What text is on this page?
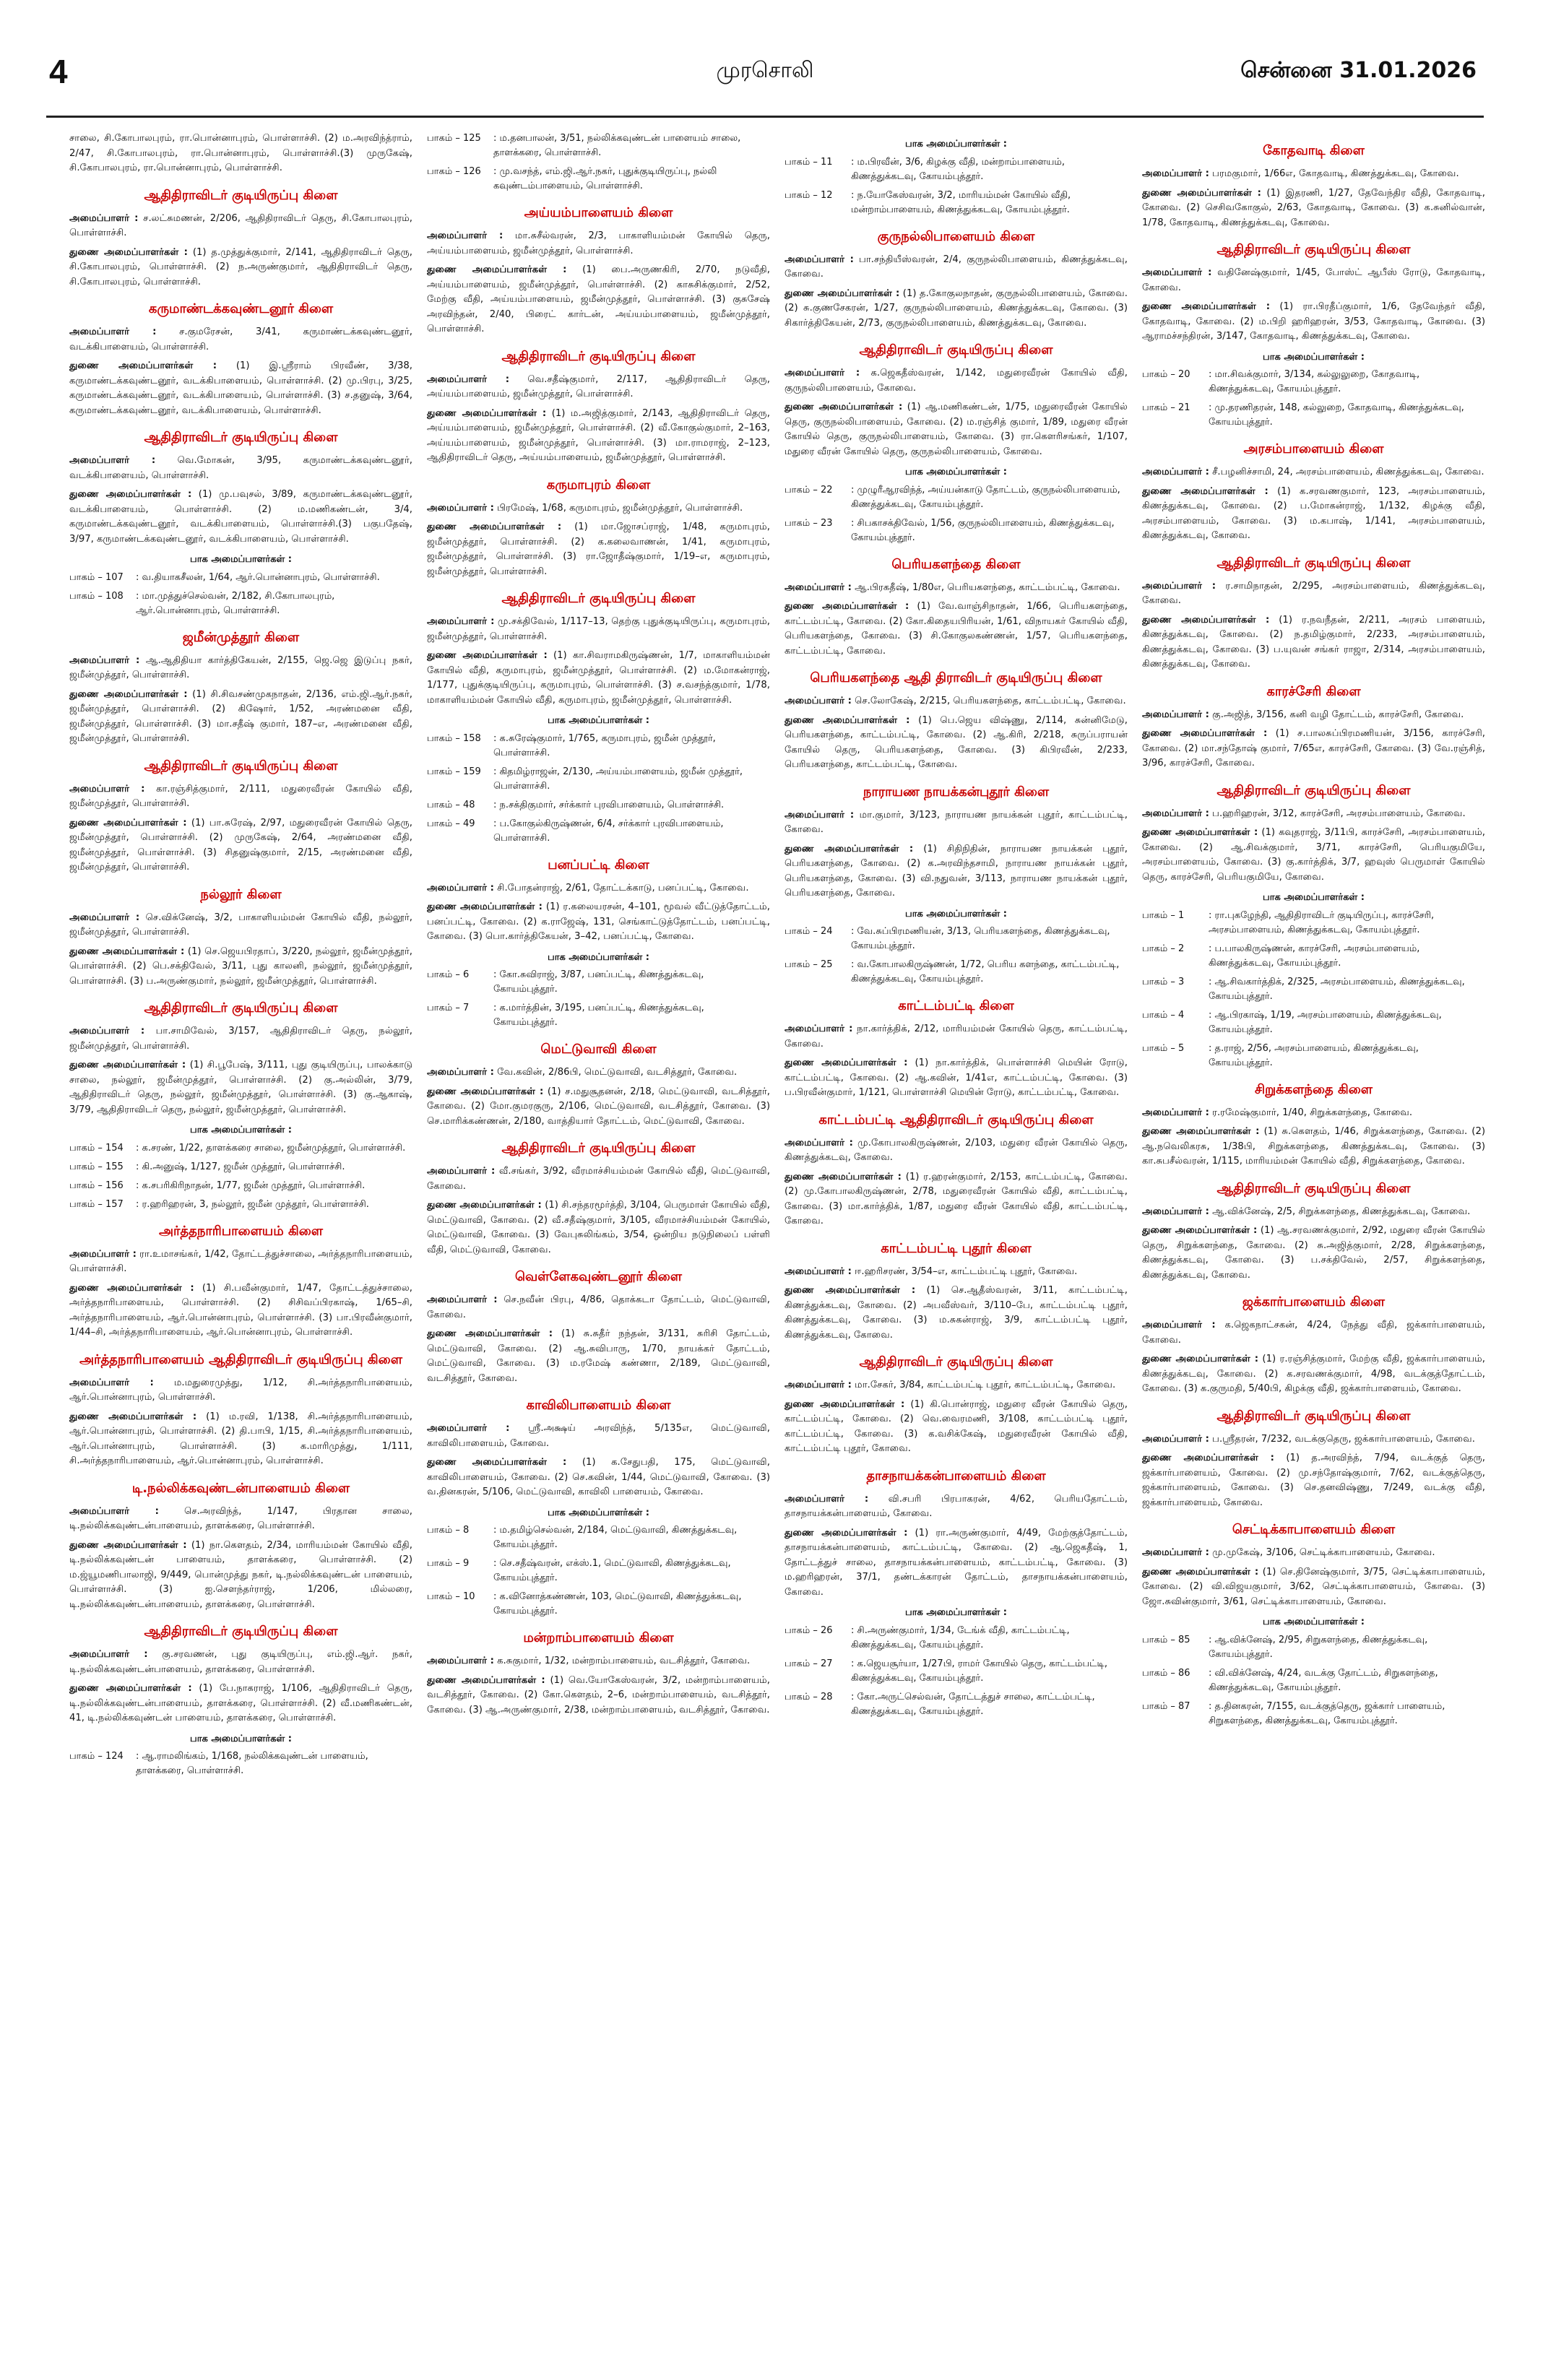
4	முரசொலி	சென்னை 31.01.2026

சாலை, சி.கோபாலபுரம், ரா.பொன்னாபுரம், பொள்ளாச்சி. (2) ம.அரவிந்த்ராம், 2/47, சி.கோபாலபுரம், ரா.பொன்னாபுரம், பொள்ளாச்சி.(3) முருகேஷ், சி.கோபாலபுரம், ரா.பொன்னாபுரம், பொள்ளாச்சி.

ஆதிதிராவிடர் குடியிருப்பு கிளை

அமைப்பாளர் : ச.லட்சுமணன், 2/206, ஆதிதிராவிடர் தெரு, சி.கோபாலபுரம், பொள்ளாச்சி.

துணை அமைப்பாளர்கள் : (1) த.முத்துக்குமார், 2/141, ஆதிதிராவிடர் தெரு, சி.கோபாலபுரம், பொள்ளாச்சி. (2) ந.அருண்குமார், ஆதிதிராவிடர் தெரு, சி.கோபாலபுரம், பொள்ளாச்சி.

கருமாண்டக்கவுண்டனூர் கிளை

அமைப்பாளர் : ச.குமரேசன், 3/41, கருமாண்டக்கவுண்டனூர், வடக்கிபாளையம், பொள்ளாச்சி.

துணை அமைப்பாளர்கள் : (1) இ.ஸ்ரீராம் பிரவீண், 3/38, கருமாண்டக்கவுண்டனூர், வடக்கிபாளையம், பொள்ளாச்சி. (2) மு.பிரபு, 3/25, கருமாண்டக்கவுண்டனூர், வடக்கிபாளையம், பொள்ளாச்சி. (3) ச.தனுஷ், 3/64, கருமாண்டக்கவுண்டனூர், வடக்கிபாளையம், பொள்ளாச்சி.

ஆதிதிராவிடர் குடியிருப்பு கிளை

அமைப்பாளர் : வெ.மோகன், 3/95, கருமாண்டக்கவுண்டனூர், வடக்கிபாளையம், பொள்ளாச்சி.

துணை அமைப்பாளர்கள் : (1) மு.பவுசல், 3/89, கருமாண்டக்கவுண்டனூர், வடக்கிபாளையம், பொள்ளாச்சி. (2) ம.மணிகண்டன், 3/4, கருமாண்டக்கவுண்டனூர், வடக்கிபாளையம், பொள்ளாச்சி.(3) பகுபதேஷ், 3/97, கருமாண்டக்கவுண்டனூர், வடக்கிபாளையம், பொள்ளாச்சி.

பாக அமைப்பாளர்கள் :
பாகம் – 107	: வ.தியாகசீலன், 1/64, ஆர்.பொன்னாபுரம், பொள்ளாச்சி.
பாகம் – 108	: மா.முத்துச்செல்வன், 2/182, சி.கோபாலபுரம், ஆர்.பொன்னாபுரம், பொள்ளாச்சி.
ஜமீன்முத்தூர் கிளை

அமைப்பாளர் : ஆ.ஆதிதியா கார்த்திகேயன், 2/155, ஜெ.ஜெ இடுப்பு நகர், ஜமீன்முத்தூர், பொள்ளாச்சி.

துணை அமைப்பாளர்கள் : (1) சி.சிவசண்முகநாதன், 2/136, எம்.ஜி.ஆர்.நகர், ஜமீன்முத்தூர், பொள்ளாச்சி. (2) கிஷோர், 1/52, அரண்மனை வீதி, ஜமீன்முத்தூர், பொள்ளாச்சி. (3) மா.சதீஷ் குமார், 187–எ, அரண்மனை வீதி, ஜமீன்முத்தூர், பொள்ளாச்சி.

ஆதிதிராவிடர் குடியிருப்பு கிளை

அமைப்பாளர் : கா.ரஞ்சித்குமார், 2/111, மதுரைவீரன் கோயில் வீதி, ஜமீன்முத்தூர், பொள்ளாச்சி.

துணை அமைப்பாளர்கள் : (1) பா.சுரேஷ், 2/97, மதுரைவீரன் கோயில் தெரு, ஜமீன்முத்தூர், பொள்ளாச்சி. (2) முருகேஷ், 2/64, அரண்மனை வீதி, ஜமீன்முத்தூர், பொள்ளாச்சி. (3) சிதனுஷ்குமார், 2/15, அரண்மனை வீதி, ஜமீன்முத்தூர், பொள்ளாச்சி.

நல்லூர் கிளை

அமைப்பாளர் : செ.விக்னேஷ், 3/2, பாகாளியம்மன் கோயில் வீதி, நல்லூர், ஜமீன்முத்தூர், பொள்ளாச்சி.

துணை அமைப்பாளர்கள் : (1) செ.ஜெயபிரதாப், 3/220, நல்லூர், ஜமீன்முத்தூர், பொள்ளாச்சி. (2) பெ.சக்திவேல், 3/11, புது காலனி, நல்லூர், ஜமீன்முத்தூர், பொள்ளாச்சி. (3) ப.அருண்குமார், நல்லூர், ஜமீன்முத்தூர், பொள்ளாச்சி.

ஆதிதிராவிடர் குடியிருப்பு கிளை

அமைப்பாளர் : பா.சாமிவேல், 3/157, ஆதிதிராவிடர் தெரு, நல்லூர், ஜமீன்முத்தூர், பொள்ளாச்சி.

துணை அமைப்பாளர்கள் : (1) சி.பூபேஷ், 3/111, புது குடியிருப்பு, பாலக்காடு சாலை, நல்லூர், ஜமீன்முத்தூர், பொள்ளாச்சி. (2) கு.அல்லின், 3/79, ஆதிதிராவிடர் தெரு, நல்லூர், ஜமீன்முத்தூர், பொள்ளாச்சி. (3) கு.ஆகாஷ், 3/79, ஆதிதிராவிடர் தெரு, நல்லூர், ஜமீன்முத்தூர், பொள்ளாச்சி.

பாக அமைப்பாளர்கள் :
பாகம் – 154	: க.சரண், 1/22, தாளக்கரை சாலை, ஜமீன்முத்தூர், பொள்ளாச்சி.
பாகம் – 155	: கி.அனுஷ், 1/127, ஜமீன் முத்தூர், பொள்ளாச்சி.
பாகம் – 156	: க.சபரிகிரிநாதன், 1/77, ஜமீன் முத்தூர், பொள்ளாச்சி.
பாகம் – 157	: ர.ஹரிஹரன், 3, நல்லூர், ஜமீன் முத்தூர், பொள்ளாச்சி.
அர்த்தநாரிபாளையம் கிளை

அமைப்பாளர் : ரா.உமாசங்கர், 1/42, தோட்டத்துச்சாலை, அர்த்தநாரிபாளையம், பொள்ளாச்சி.

துணை அமைப்பாளர்கள் : (1) சி.பவீன்குமார், 1/47, தோட்டத்துச்சாலை, அர்த்தநாரிபாளையம், பொள்ளாச்சி. (2) சிசிவப்பிரகாஷ், 1/65–சி, அர்த்தநாரிபாளையம், ஆர்.பொன்னாபுரம், பொள்ளாச்சி. (3) பா.பிரவீன்குமார், 1/44–சி, அர்த்தநாரிபாளையம், ஆர்.பொன்னாபுரம், பொள்ளாச்சி.

அர்த்தநாரிபாளையம் ஆதிதிராவிடர் குடியிருப்பு கிளை

அமைப்பாளர் : ம.மதுரைமுத்து, 1/12, சி.அர்த்தநாரிபாளையம், ஆர்.பொன்னாபுரம், பொள்ளாச்சி.

துணை அமைப்பாளர்கள் : (1) ம.ரவி, 1/138, சி.அர்த்தநாரிபாளையம், ஆர்.பொன்னாபுரம், பொள்ளாச்சி. (2) தி.பாபி, 1/15, சி.அர்த்தநாரிபாளையம், ஆர்.பொன்னாபுரம், பொள்ளாச்சி. (3) க.மாரிமுத்து, 1/111, சி.அர்த்தநாரிபாளையம், ஆர்.பொன்னாபுரம், பொள்ளாச்சி.

டி.நல்லிக்கவுண்டன்பாளையம் கிளை

அமைப்பாளர் :	செ.அரவிந்த், 1/147, பிரதான சாலை, டி.நல்லிக்கவுண்டன்பாளையம், தாளக்கரை, பொள்ளாச்சி.

துணை அமைப்பாளர்கள் : (1) நா.கௌதம், 2/34, மாரியம்மன் கோயில் வீதி, டி.நல்லிக்கவுண்டன் பாளையம், தாளக்கரை, பொள்ளாச்சி. (2) ம.ஜ்யூமணிபாலாஜி, 9/449, பொன்முத்து நகர், டி.நல்லிக்கவுண்டன் பாளையம், பொள்ளாச்சி. (3) ஐ.சௌந்தர்ராஜ், 1/206, மில்லரை, டி.நல்லிக்கவுண்டன்பாளையம், தாளக்கரை, பொள்ளாச்சி.

ஆதிதிராவிடர் குடியிருப்பு கிளை

அமைப்பாளர் : கு.சரவணன், புது குடியிருப்பு, எம்.ஜி.ஆர். நகர், டி.நல்லிக்கவுண்டன்பாளையம், தாளக்கரை, பொள்ளாச்சி.

துணை அமைப்பாளர்கள் : (1) பே.நாகராஜ், 1/106, ஆதிதிராவிடர் தெரு, டி.நல்லிக்கவுண்டன்பாளையம், தாளக்கரை, பொள்ளாச்சி. (2) வீ.மணிகண்டன், 41, டி.நல்லிக்கவுண்டன் பாளையம், தாளக்கரை, பொள்ளாச்சி.

பாக அமைப்பாளர்கள் :
பாகம் – 124	: ஆ.ராமலிங்கம், 1/168, நல்லிக்கவுண்டன் பாளையம், தாளக்கரை, பொள்ளாச்சி.
பாகம் – 125	: ம.தனபாலன், 3/51, நல்லிக்கவுண்டன் பாளையம் சாலை, தாளக்கரை, பொள்ளாச்சி.
பாகம் – 126	: மு.வசந்த், எம்.ஜி.ஆர்.நகர், புதுக்குடியிருப்பு, நல்லி கவுண்டம்பாளையம், பொள்ளாச்சி.
அய்யம்பாளையம் கிளை

அமைப்பாளர் : மா.சுசீல்வரன், 2/3, பாகாளியம்மன் கோயில் தெரு, அய்யம்பாளையம், ஜமீன்முத்தூர், பொள்ளாச்சி.

துணை அமைப்பாளர்கள் : (1) பை.அருணகிரி, 2/70, நடுவீதி, அய்யம்பாளையம், ஜமீன்முத்தூர், பொள்ளாச்சி. (2) காசுசிக்குமார், 2/52, மேற்கு வீதி, அய்யம்பாளையம், ஜமீன்முத்தூர், பொள்ளாச்சி. (3) குசுசேஷ் அரவிந்தன், 2/40, பிரைட் கார்டன், அய்யம்பாளையம், ஜமீன்முத்தூர், பொள்ளாச்சி.

ஆதிதிராவிடர் குடியிருப்பு கிளை

அமைப்பாளர் : வெ.சதீஷ்குமார், 2/117, ஆதிதிராவிடர் தெரு, அய்யம்பாளையம், ஜமீன்முத்தூர், பொள்ளாச்சி.

துணை அமைப்பாளர்கள் : (1) ம.அஜித்குமார், 2/143, ஆதிதிராவிடர் தெரு, அய்யம்பாளையம், ஜமீன்முத்தூர், பொள்ளாச்சி. (2) வீ.கோகுல்குமார், 2–163, அய்யம்பாளையம், ஜமீன்முத்தூர், பொள்ளாச்சி. (3) மா.ராமராஜ், 2–123, ஆதிதிராவிடர் தெரு, அய்யம்பாளையம், ஜமீன்முத்தூர், பொள்ளாச்சி.

கருமாபுரம் கிளை

அமைப்பாளர் : பிரமேஷ், 1/68, கருமாபுரம், ஜமீன்முத்தூர், பொள்ளாச்சி.

துணை அமைப்பாளர்கள் : (1) மா.ஜோசப்ராஜ், 1/48, கருமாபுரம், ஜமீன்முத்தூர், பொள்ளாச்சி. (2) க.கலைவாணன், 1/41, கருமாபுரம், ஜமீன்முத்தூர், பொள்ளாச்சி. (3) ரா.ஜோதீஷ்குமார், 1/19–எ, கருமாபுரம், ஜமீன்முத்தூர், பொள்ளாச்சி.

ஆதிதிராவிடர் குடியிருப்பு கிளை

அமைப்பாளர் : மு.சக்திவேல், 1/117–13, தெற்கு புதுக்குடியிருப்பு, கருமாபுரம், ஜமீன்முத்தூர், பொள்ளாச்சி.

துணை அமைப்பாளர்கள் : (1) கா.சிவராமகிருஷ்ணன், 1/7, மாகாளியம்மன் கோயில் வீதி, கருமாபுரம், ஜமீன்முத்தூர், பொள்ளாச்சி. (2) ம.மோகன்ராஜ், 1/177, புதுக்குடியிருப்பு, கருமாபுரம், பொள்ளாச்சி. (3) ச.வசந்த்குமார், 1/78, மாகாளியம்மன் கோயில் வீதி, கருமாபுரம், ஜமீன்முத்தூர், பொள்ளாச்சி.

பாக அமைப்பாளர்கள் :
பாகம் – 158	: க.சுரேஷ்குமார், 1/765, கருமாபுரம், ஜமீன் முத்தூர், பொள்ளாச்சி.
பாகம் – 159	: கிதமிழ்ராஜன், 2/130, அய்யம்பாளையம், ஜமீன் முத்தூர், பொள்ளாச்சி.
பாகம் – 48	: ந.சக்திகுமார், சர்க்கார் புரவிபாளையம், பொள்ளாச்சி.
பாகம் – 49	: ப.கோகுல்கிருஷ்ணன், 6/4, சர்க்கார் புரவிபாளையம், பொள்ளாச்சி.
பனப்பட்டி கிளை

அமைப்பாளர் : சி.போதன்ராஜ், 2/61, தோட்டக்காடு, பனப்பட்டி, கோவை.

துணை அமைப்பாளர்கள் : (1) ர.கலையரசன், 4–101, மூவல் வீட்டுத்தோட்டம், பனப்பட்டி, கோவை. (2) க.ராஜேஷ், 131, செங்காட்டுத்தோட்டம், பனப்பட்டி, கோவை. (3) பொ.கார்த்திகேயன், 3–42, பனப்பட்டி, கோவை.

பாக அமைப்பாளர்கள் :
பாகம் – 6	: கோ.சுவிராஜ், 3/87, பனப்பட்டி, கிணத்துக்கடவு, கோயம்புத்தூர்.
பாகம் – 7	: க.மார்த்தின், 3/195, பனப்பட்டி, கிணத்துக்கடவு, கோயம்புத்தூர்.
மெட்டுவாவி கிளை

அமைப்பாளர் : வே.கவின், 2/86பி, மெட்டுவாவி, வடசித்தூர், கோவை.

துணை அமைப்பாளர்கள் : (1) ச.மதுசூதனன், 2/18, மெட்டுவாவி, வடசித்தூர், கோவை. (2) மோ.குமரகுரு, 2/106, மெட்டுவாவி, வடசித்தூர், கோவை. (3) செ.மாரிக்கண்ணன், 2/180, வாத்தியார் தோட்டம், மெட்டுவாவி, கோவை.

ஆதிதிராவிடர் குடியிருப்பு கிளை

அமைப்பாளர் : வீ.சங்கர், 3/92, வீரமாச்சியம்மன் கோயில் வீதி, மெட்டுவாவி, கோவை.

துணை அமைப்பாளர்கள் : (1) சி.சந்தரமூர்த்தி, 3/104, பெருமாள் கோயில் வீதி, மெட்டுவாவி, கோவை. (2) வீ.சதீஷ்குமார், 3/105, வீரமாச்சியம்மன் கோயில், மெட்டுவாவி, கோவை. (3) வேபுசுலிங்கம், 3/54, ஒன்றிய நடுநிலைப் பள்ளி வீதி, மெட்டுவாவி, கோவை.

வெள்ளேகவுண்டனூர் கிளை

அமைப்பாளர் : செ.நவீன் பிரபு, 4/86, தொக்கடா தோட்டம், மெட்டுவாவி, கோவை.

துணை அமைப்பாளர்கள் : (1) சு.சுதீர் நந்தன், 3/131, சுரிசி தோட்டம், மெட்டுவாவி, கோவை. (2) ஆ.சுவிபாரு, 1/70, நாயக்கர் தோட்டம், மெட்டுவாவி, கோவை. (3) ம.ரமேஷ் கண்ணா, 2/189, மெட்டுவாவி, வடசித்தூர், கோவை.

காவிலிபாளையம் கிளை

அமைப்பாளர் : ஸ்ரீ.அக்ஷய் அரவிந்த், 5/135எ, மெட்டுவாவி, காவிலிபாளையம், கோவை.

துணை அமைப்பாளர்கள் : (1) க.சேதுபதி, 175, மெட்டுவாவி, காவிலிபாளையம், கோவை. (2) செ.கவின், 1/44, மெட்டுவாவி, கோவை. (3) வ.தினகரன், 5/106, மெட்டுவாவி, காவிலி பாளையம், கோவை.

பாக அமைப்பாளர்கள் :
பாகம் – 8	: ம.தமிழ்செல்வன், 2/184, மெட்டுவாவி, கிணத்துக்கடவு, கோயம்புத்தூர்.
பாகம் – 9	: செ.சதீஷ்வரன், எக்ஸ்.1, மெட்டுவாவி, கிணத்துக்கடவு, கோயம்புத்தூர்.
பாகம் – 10	: க.வினோத்கண்ணன், 103, மெட்டுவாவி, கிணத்துக்கடவு, கோயம்புத்தூர்.
மன்றாம்பாளையம் கிளை

அமைப்பாளர் : க.சுகுமார், 1/32, மன்றாம்பாளையம், வடசித்தூர், கோவை.

துணை அமைப்பாளர்கள் : (1) வெ.யோகேஸ்வரன், 3/2, மன்றாம்பாளையம், வடசித்தூர், கோவை. (2) கோ.கௌதம், 2–6, மன்றாம்பாளையம், வடசித்தூர், கோவை. (3) ஆ.அருண்குமார், 2/38, மன்றாம்பாளையம், வடசித்தூர், கோவை.

பாக அமைப்பாளர்கள் :
பாகம் – 11	: ம.பிரவீன், 3/6, கிழக்கு வீதி, மன்றாம்பாளையம், கிணத்துக்கடவு, கோயம்புத்தூர்.
பாகம் – 12	: ந.யோகேஸ்வரன், 3/2, மாரியம்மன் கோயில் வீதி, மன்றாம்பாளையம், கிணத்துக்கடவு, கோயம்புத்தூர்.
குருநல்லிபாளையம் கிளை

அமைப்பாளர் : பா.சந்தியீஸ்வரன், 2/4, குருநல்லிபாளையம், கிணத்துக்கடவு, கோவை.

துணை அமைப்பாளர்கள் : (1) த.கோகுலநாதன், குருநல்லிபாளையம், கோவை. (2) சு.குணசேகரன், 1/27, குருநல்லிபாளையம், கிணத்துக்கடவு, கோவை. (3) சிகார்த்திகேயன், 2/73, குருநல்லிபாளையம், கிணத்துக்கடவு, கோவை.

ஆதிதிராவிடர் குடியிருப்பு கிளை

அமைப்பாளர் : க.ஜெகதீஸ்வரன், 1/142, மதுரைவீரன் கோயில் வீதி, குருநல்லிபாளையம், கோவை.

துணை அமைப்பாளர்கள் : (1) ஆ.மணிகண்டன், 1/75, மதுரைவீரன் கோயில் தெரு, குருநல்லிபாளையம், கோவை. (2) ம.ரஞ்சித் குமார், 1/89, மதுரை வீரன் கோயில் தெரு, குருநல்லிபாளையம், கோவை. (3) ரா.கௌரிசங்கர், 1/107, மதுரை வீரன் கோயில் தெரு, குருநல்லிபாளையம், கோவை.

பாக அமைப்பாளர்கள் :
பாகம் – 22	: முழுரீஆரவிந்த், அய்யன்காடு தோட்டம், குருநல்லிபாளையம், கிணத்துக்கடவு, கோயம்புத்தூர்.
பாகம் – 23	: சிபகாசக்திவேல், 1/56, குருநல்லிபாளையம், கிணத்துக்கடவு, கோயம்புத்தூர்.
பெரியகளந்தை கிளை

அமைப்பாளர் : ஆ.பிரகதீஷ், 1/80எ, பெரியகளந்தை, காட்டம்பட்டி, கோவை.

துணை அமைப்பாளர்கள் : (1) வே.வாஞ்சிநாதன், 1/66, பெரியகளந்தை, காட்டம்பட்டி, கோவை. (2) கோ.கிதையபிரியன், 1/61, விநாயகர் கோயில் வீதி, பெரியகளந்தை, கோவை. (3) சி.கோகுலகண்ணன், 1/57, பெரியகளந்தை, காட்டம்பட்டி, கோவை.

பெரியகளந்தை ஆதி திராவிடர் குடியிருப்பு கிளை

அமைப்பாளர் : செ.லோகேஷ், 2/215, பெரியகளந்தை, காட்டம்பட்டி, கோவை.

துணை அமைப்பாளர்கள் : (1) பெ.ஜெய விஷ்ணு, 2/114, சுன்னிமேடு, பெரியகளந்தை, காட்டம்பட்டி, கோவை. (2) ஆ.கிரி, 2/218, சுருப்பராயன் கோயில் தெரு, பெரியகளந்தை, கோவை. (3) கிபிரவீன், 2/233, பெரியகளந்தை, காட்டம்பட்டி, கோவை.

நாராயண நாயக்கன்புதூர் கிளை

அமைப்பாளர் : மா.குமார், 3/123, நாராயண நாயக்கன் புதூர், காட்டம்பட்டி, கோவை.

துணை அமைப்பாளர்கள் : (1) சிதிநிதின், நாராயண நாயக்கன் புதூர், பெரியகளந்தை, கோவை. (2) க.அரவிந்தசாமி, நாராயண நாயக்கன் புதூர், பெரியகளந்தை, கோவை. (3) வி.நதுவன், 3/113, நாராயண நாயக்கன் புதூர், பெரியகளந்தை, கோவை.

பாக அமைப்பாளர்கள் :
பாகம் – 24	: வே.சுப்பிரமணியன், 3/13, பெரியகளந்தை, கிணத்துக்கடவு, கோயம்புத்தூர்.
பாகம் – 25	: வ.கோபாலகிருஷ்ணன், 1/72, பெரிய களந்தை, காட்டம்பட்டி, கிணத்துக்கடவு, கோயம்புத்தூர்.
காட்டம்பட்டி கிளை

அமைப்பாளர் : நா.கார்த்திக், 2/12, மாரியம்மன் கோயில் தெரு, காட்டம்பட்டி, கோவை.

துணை அமைப்பாளர்கள் : (1) நா.கார்த்திக், பொள்ளாச்சி மெயின் ரோடு, காட்டம்பட்டி, கோவை. (2) ஆ.கவின், 1/41எ, காட்டம்பட்டி, கோவை. (3) ப.பிரவீன்குமார், 1/121, பொள்ளாச்சி மெயின் ரோடு, காட்டம்பட்டி, கோவை.

காட்டம்பட்டி ஆதிதிராவிடர் குடியிருப்பு கிளை

அமைப்பாளர் : மு.கோபாலகிருஷ்ணன், 2/103, மதுரை வீரன் கோயில் தெரு, கிணத்துக்கடவு, கோவை.

துணை அமைப்பாளர்கள் : (1) ர.ஹரன்குமார், 2/153, காட்டம்பட்டி, கோவை. (2) மு.கோபாலகிருஷ்ணன், 2/78, மதுரைவீரன் கோயில் வீதி, காட்டம்பட்டி, கோவை. (3) மா.கார்த்திக், 1/87, மதுரை வீரன் கோயில் வீதி, காட்டம்பட்டி, கோவை.

காட்டம்பட்டி புதூர் கிளை

அமைப்பாளர் : ஈ.ஹரிசரண், 3/54–எ, காட்டம்பட்டி புதூர், கோவை.

துணை அமைப்பாளர்கள் : (1) செ.ஆதீஸ்வரன், 3/11, காட்டம்பட்டி, கிணத்துக்கடவு, கோவை. (2) அபவீஸ்வர், 3/110–பே, காட்டம்பட்டி புதூர், கிணத்துக்கடவு, கோவை. (3) ம.சுகன்ராஜ், 3/9, காட்டம்பட்டி புதூர், கிணத்துக்கடவு, கோவை.

ஆதிதிராவிடர் குடியிருப்பு கிளை

அமைப்பாளர் : மா.சேகர், 3/84, காட்டம்பட்டி புதூர், காட்டம்பட்டி, கோவை.

துணை அமைப்பாளர்கள் : (1) கி.பொன்ராஜ், மதுரை வீரன் கோயில் தெரு, காட்டம்பட்டி, கோவை. (2) வெ.வைரமணி, 3/108, காட்டம்பட்டி புதூர், காட்டம்பட்டி, கோவை. (3) க.வசிக்கேஷ், மதுரைவீரன் கோயில் வீதி, காட்டம்பட்டி புதூர், கோவை.

தாசநாயக்கன்பாளையம் கிளை

அமைப்பாளர் : வி.சபரி பிரபாகரன், 4/62, பெரியதோட்டம், தாசநாயக்கன்பாளையம், கோவை.

துணை அமைப்பாளர்கள் : (1) ரா.அருண்குமார், 4/49, மேற்குத்தோட்டம், தாசநாயக்கன்பாளையம், காட்டம்பட்டி, கோவை. (2) ஆ.ஜெகதீஷ், 1, தோட்டத்துச் சாலை, தாசநாயக்கன்பாளையம், காட்டம்பட்டி, கோவை. (3) ம.ஹரிஹரன், 37/1, தண்டக்காரன் தோட்டம், தாசநாயக்கன்பாளையம், கோவை.

பாக அமைப்பாளர்கள் :
பாகம் – 26	: சி.அருண்குமார், 1/34, டேங்க் வீதி, காட்டம்பட்டி, கிணத்துக்கடவு, கோயம்புத்தூர்.
பாகம் – 27	: க.ஜெயசூர்யா, 1/27பி, ராமர் கோயில் தெரு, காட்டம்பட்டி, கிணத்துக்கடவு, கோயம்புத்தூர்.
பாகம் – 28	: கோ.அருட்செல்வன், தோட்டத்துச் சாலை, காட்டம்பட்டி, கிணத்துக்கடவு, கோயம்புத்தூர்.
கோதவாடி கிளை

அமைப்பாளர் : பரமகுமார், 1/66எ, கோதவாடி, கிணத்துக்கடவு, கோவை.

துணை அமைப்பாளர்கள் : (1) இதரணி, 1/27, தேவேந்திர வீதி, கோதவாடி, கோவை. (2) செசிவகோகுல், 2/63, கோதவாடி, கோவை. (3) க.சுனில்வான், 1/78, கோதவாடி, கிணத்துக்கடவு, கோவை.

ஆதிதிராவிடர் குடியிருப்பு கிளை

அமைப்பாளர் : வதினேஷ்குமார், 1/45, போஸ்ட் ஆபீஸ் ரோடு, கோதவாடி, கோவை.

துணை அமைப்பாளர்கள் : (1) ரா.பிரதீப்குமார், 1/6, தேவேந்தர் வீதி, கோதவாடி, கோவை. (2) ம.பிறி ஹரிஹரன், 3/53, கோதவாடி, கோவை. (3) ஆராமச்சந்திரன், 3/147, கோதவாடி, கிணத்துக்கடவு, கோவை.

பாக அமைப்பாளர்கள் :
பாகம் – 20	: மா.சிவக்குமார், 3/134, கல்லுலுறை, கோதவாடி, கிணத்துக்கடவு, கோயம்புத்தூர்.
பாகம் – 21	: மு.தரணிதரன், 148, கல்லுறை, கோதவாடி, கிணத்துக்கடவு, கோயம்புத்தூர்.
அரசம்பாளையம் கிளை

அமைப்பாளர் : சீ.பழனிச்சாமி, 24, அரசம்பாளையம், கிணத்துக்கடவு, கோவை.

துணை அமைப்பாளர்கள் : (1) க.சரவணகுமார், 123, அரசம்பாளையம், கிணத்துக்கடவு, கோவை. (2) ப.மோகன்ராஜ், 1/132, கிழக்கு வீதி, அரசம்பாளையம், கோவை. (3) ம.கபாஷ், 1/141, அரசம்பாளையம், கிணத்துக்கடவு, கோவை.

ஆதிதிராவிடர் குடியிருப்பு கிளை

அமைப்பாளர் : ர.சாமிநாதன், 2/295, அரசம்பாளையம், கிணத்துக்கடவு, கோவை.

துணை அமைப்பாளர்கள் : (1) ர.நவநீதன், 2/211, அரசம் பாளையம், கிணத்துக்கடவு, கோவை. (2) ந.தமிழ்குமார், 2/233, அரசம்பாளையம், கிணத்துக்கடவு, கோவை. (3) ப.யுவன் சங்கர் ராஜா, 2/314, அரசம்பாளையம், கிணத்துக்கடவு, கோவை.

காரச்சேரி கிளை

அமைப்பாளர் : கு.அஜித், 3/156, கனி வழி தோட்டம், காரச்சேரி, கோவை.

துணை அமைப்பாளர்கள் : (1) ச.பாலசுப்பிரமணியன், 3/156, காரச்சேரி, கோவை. (2) மா.சந்தோஷ் குமார், 7/65எ, காரச்சேரி, கோவை. (3) வே.ரஞ்சித், 3/96, காரச்சேரி, கோவை.

ஆதிதிராவிடர் குடியிருப்பு கிளை

அமைப்பாளர் : ப.ஹரிஹரன், 3/12, காரச்சேரி, அரசம்பாளையம், கோவை.

துணை அமைப்பாளர்கள் : (1) கவுதராஜ், 3/11பி, காரச்சேரி, அரசம்பாளையம், கோவை. (2) ஆ.சிவக்குமார், 3/71, காரச்சேரி, பெரியகுமியே, அரசம்பாளையம், கோவை. (3) கு.கார்த்திக், 3/7, ஹவுஸ் பெருமாள் கோயில் தெரு, காரச்சேரி, பெரியகுமியே, கோவை.

பாக அமைப்பாளர்கள் :
பாகம் – 1	: ரா.புகழேந்தி, ஆதிதிராவிடர் குடியிருப்பு, காரச்சேரி, அரசம்பாளையம், கிணத்துக்கடவு, கோயம்புத்தூர்.
பாகம் – 2	: ப.பாலகிருஷ்ணன், காரச்சேரி, அரசம்பாளையம், கிணத்துக்கடவு, கோயம்புத்தூர்.
பாகம் – 3	: ஆ.சிவகார்த்திக், 2/325, அரசம்பாளையம், கிணத்துக்கடவு, கோயம்புத்தூர்.
பாகம் – 4	: ஆ.பிரகாஷ், 1/19, அரசம்பாளையம், கிணத்துக்கடவு, கோயம்புத்தூர்.
பாகம் – 5	: த.ராஜ், 2/56, அரசம்பாளையம், கிணத்துக்கடவு, கோயம்புத்தூர்.
சிறுக்களந்தை கிளை

அமைப்பாளர் : ர.ரமேஷ்குமார், 1/40, சிறுக்களந்தை, கோவை.

துணை அமைப்பாளர்கள் : (1) சு.கௌதம், 1/46, சிறுக்களந்தை, கோவை. (2) ஆ.நவெலிகரசு, 1/38பி, சிறுக்களந்தை, கிணத்துக்கடவு, கோவை. (3) கா.சுபசீல்வரன், 1/115, மாரியம்மன் கோயில் வீதி, சிறுக்களந்தை, கோவை.

ஆதிதிராவிடர் குடியிருப்பு கிளை

அமைப்பாளர் : ஆ.விக்னேஷ், 2/5, சிறுக்களந்தை, கிணத்துக்கடவு, கோவை.

துணை அமைப்பாளர்கள் : (1) ஆ.சரவணக்குமார், 2/92, மதுரை வீரன் கோயில் தெரு, சிறுக்களந்தை, கோவை. (2) சு.அஜித்குமார், 2/28, சிறுக்களந்தை, கிணத்துக்கடவு, கோவை. (3) ப.சக்திவேல், 2/57, சிறுக்களந்தை, கிணத்துக்கடவு, கோவை.

ஜக்கார்பாளையம் கிளை

அமைப்பாளர் : க.ஜெகநாட்சகன், 4/24, நேத்து வீதி, ஜக்கார்பாளையம், கோவை.

துணை அமைப்பாளர்கள் : (1) ர.ரஞ்சித்குமார், மேற்கு வீதி, ஜக்கார்பாளையம், கிணத்துக்கடவு, கோவை. (2) க.சரவணக்குமார், 4/98, வடக்குத்தோட்டம், கோவை. (3) க.குருமதி, 5/40பி, கிழக்கு வீதி, ஜக்கார்பாளையம், கோவை.

ஆதிதிராவிடர் குடியிருப்பு கிளை

அமைப்பாளர் : ப.ஸ்ரீதரன், 7/232, வடக்குதெரு, ஜக்கார்பாளையம், கோவை.

துணை அமைப்பாளர்கள் : (1) த.அரவிந்த், 7/94, வடக்குத் தெரு, ஜக்கார்பாளையம், கோவை. (2) மு.சந்தோஷ்குமார், 7/62, வடக்குத்தெரு, ஜக்கார்பாளையம், கோவை. (3) செ.தனவிஷ்ணு, 7/249, வடக்கு வீதி, ஜக்கார்பாளையம், கோவை.

செட்டிக்காபாளையம் கிளை

அமைப்பாளர் : மு.முகேஷ், 3/106, செட்டிக்காபாளையம், கோவை.

துணை அமைப்பாளர்கள் : (1) செ.தினேஷ்குமார், 3/75, செட்டிக்காபாளையம், கோவை. (2) வி.விஜயகுமார், 3/62, செட்டிக்காபாளையம், கோவை. (3) ஜோ.சுவின்குமார், 3/61, செட்டிக்காபாளையம், கோவை.

பாக அமைப்பாளர்கள் :
பாகம் – 85	: ஆ.விக்னேஷ், 2/95, சிறுகளந்தை, கிணத்துக்கடவு, கோயம்புத்தூர்.
பாகம் – 86	: வி.விக்னேஷ், 4/24, வடக்கு தோட்டம், சிறுகளந்தை, கிணத்துக்கடவு, கோயம்புத்தூர்.
பாகம் – 87	: த.தினகரன், 7/155, வடக்குத்தெரு, ஜக்கார் பாளையம், சிறுகளந்தை, கிணத்துக்கடவு, கோயம்புத்தூர்.
